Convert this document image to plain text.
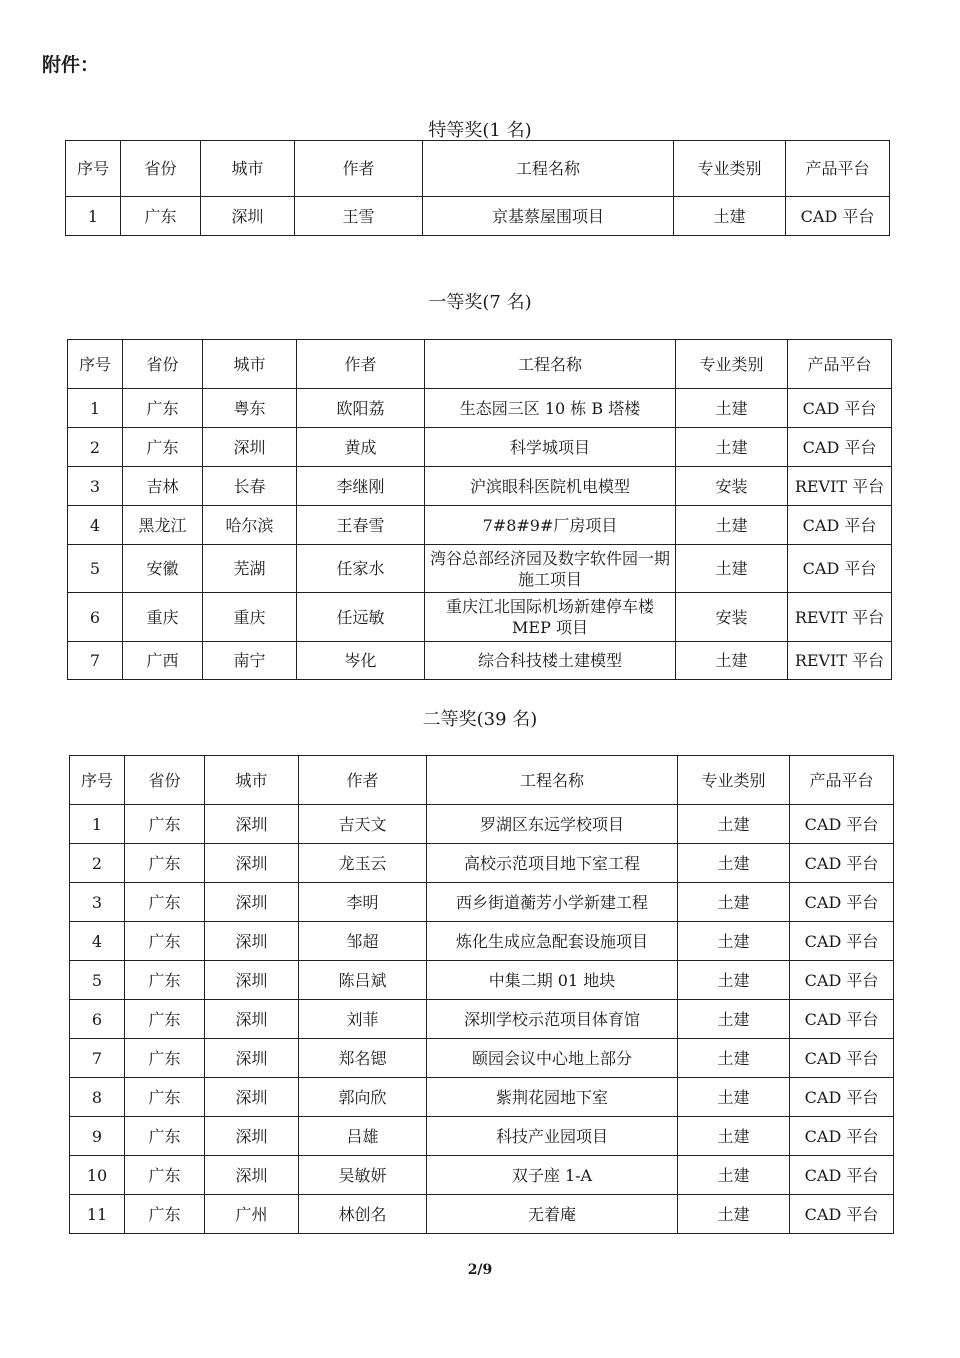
附件：
特等奖(1 名)
序号	省份	城市	作者	工程名称	专业类别	产品平台
1	广东	深圳	王雪	京基蔡屋围项目	土建	CAD 平台
一等奖(7 名)
序号	省份	城市	作者	工程名称	专业类别	产品平台
1	广东	粤东	欧阳荔	生态园三区 10 栋 B 塔楼	土建	CAD 平台
2	广东	深圳	黄成	科学城项目	土建	CAD 平台
3	吉林	长春	李继刚	沪滨眼科医院机电模型	安装	REVIT 平台
4	黑龙江	哈尔滨	王春雪	7#8#9#厂房项目	土建	CAD 平台
5	安徽	芜湖	任家水	湾谷总部经济园及数字软件园一期施工项目	土建	CAD 平台
6	重庆	重庆	任远敏	重庆江北国际机场新建停车楼 MEP 项目	安装	REVIT 平台
7	广西	南宁	岑化	综合科技楼土建模型	土建	REVIT 平台
二等奖(39 名)
序号	省份	城市	作者	工程名称	专业类别	产品平台
1	广东	深圳	吉天文	罗湖区东远学校项目	土建	CAD 平台
2	广东	深圳	龙玉云	高校示范项目地下室工程	土建	CAD 平台
3	广东	深圳	李明	西乡街道蘅芳小学新建工程	土建	CAD 平台
4	广东	深圳	邹超	炼化生成应急配套设施项目	土建	CAD 平台
5	广东	深圳	陈吕斌	中集二期 01 地块	土建	CAD 平台
6	广东	深圳	刘菲	深圳学校示范项目体育馆	土建	CAD 平台
7	广东	深圳	郑名锶	颐园会议中心地上部分	土建	CAD 平台
8	广东	深圳	郭向欣	紫荆花园地下室	土建	CAD 平台
9	广东	深圳	吕雄	科技产业园项目	土建	CAD 平台
10	广东	深圳	吴敏妍	双子座 1-A	土建	CAD 平台
11	广东	广州	林创名	无着庵	土建	CAD 平台
2/9
